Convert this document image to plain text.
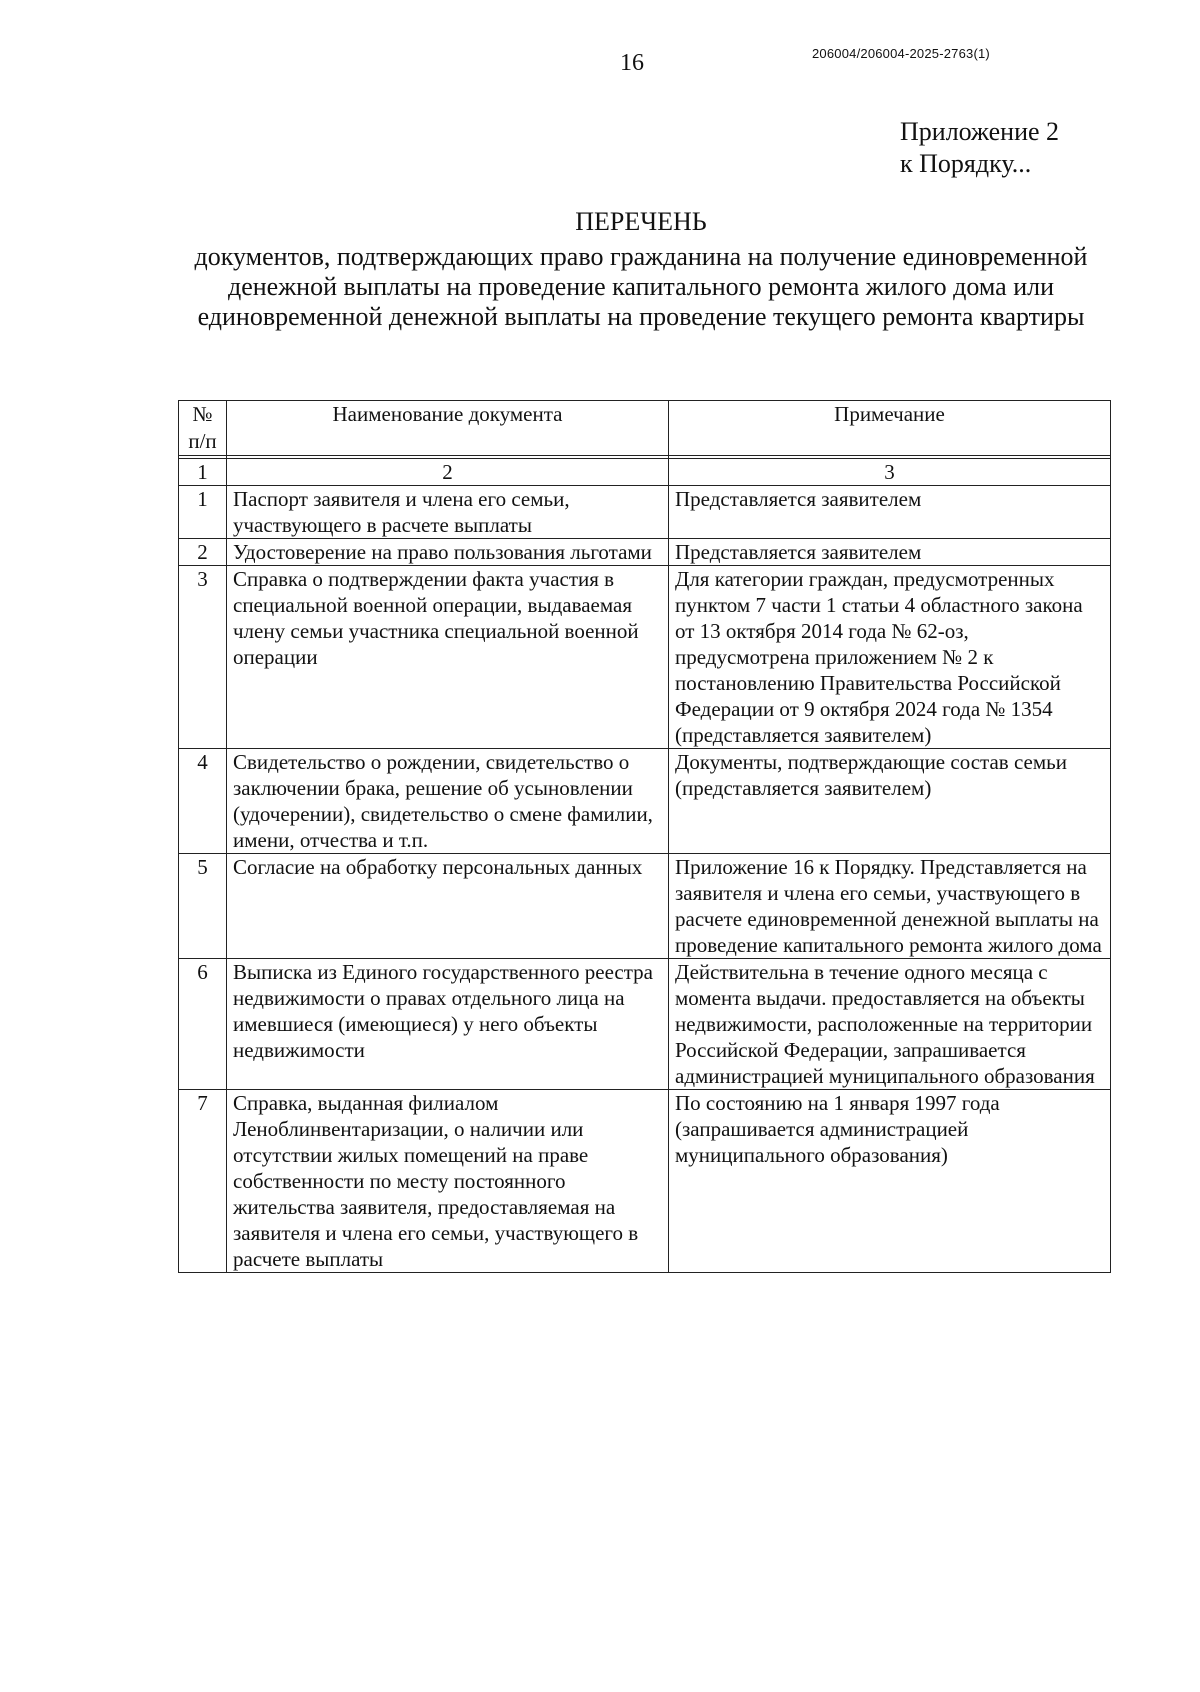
16	206004/206004-2025-2763(1)
Приложение 2
к Порядку...
ПЕРЕЧЕНЬ
документов, подтверждающих право гражданина на получение единовременной денежной выплаты на проведение капитального ремонта жилого дома или единовременной денежной выплаты на проведение текущего ремонта квартиры
№
п/п	Наименование документа	Примечание

1	2	3
1	Паспорт заявителя и члена его семьи, участвующего в расчете выплаты	Представляется заявителем
2	Удостоверение на право пользования льготами	Представляется заявителем
3	Справка о подтверждении факта участия в специальной военной операции, выдаваемая члену семьи участника специальной военной операции	Для категории граждан, предусмотренных пунктом 7 части 1 статьи 4 областного закона от 13 октября 2014 года № 62-оз, предусмотрена приложением № 2 к постановлению Правительства Российской Федерации от 9 октября 2024 года № 1354 (представляется заявителем)
4	Свидетельство о рождении, свидетельство о заключении брака, решение об усыновлении (удочерении), свидетельство о смене фамилии, имени, отчества и т.п.	Документы, подтверждающие состав семьи (представляется заявителем)
5	Согласие на обработку персональных данных	Приложение 16 к Порядку. Представляется на заявителя и члена его семьи, участвующего в расчете единовременной денежной выплаты на проведение капитального ремонта жилого дома
6	Выписка из Единого государственного реестра недвижимости о правах отдельного лица на имевшиеся (имеющиеся) у него объекты недвижимости	Действительна в течение одного месяца с момента выдачи. предоставляется на объекты недвижимости, расположенные на территории Российской Федерации, запрашивается администрацией муниципального образования
7	Справка, выданная филиалом Леноблинвентаризации, о наличии или отсутствии жилых помещений на праве собственности по месту постоянного жительства заявителя, предоставляемая на заявителя и члена его семьи, участвующего в расчете выплаты	По состоянию на 1 января 1997 года (запрашивается администрацией муниципального образования)
